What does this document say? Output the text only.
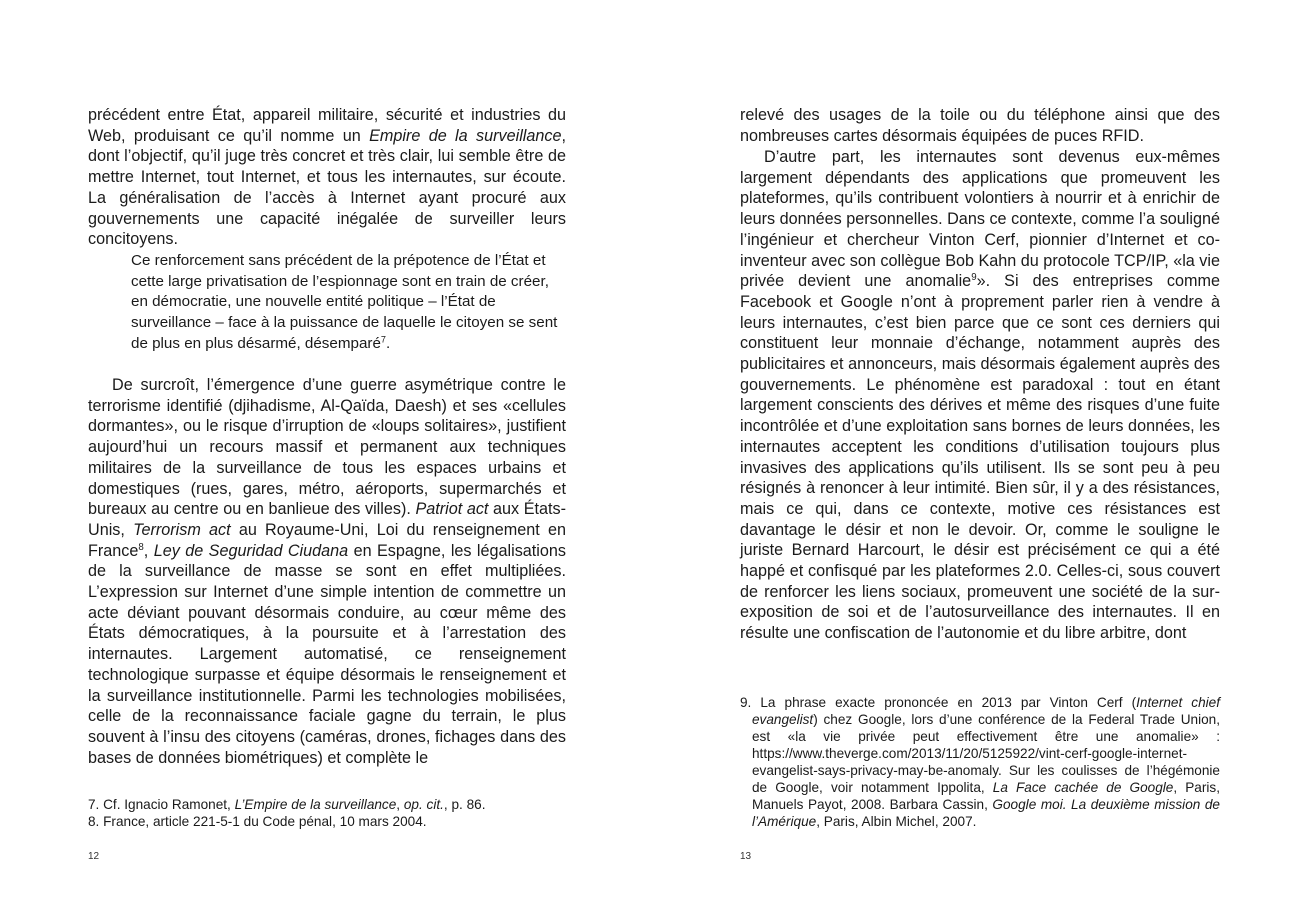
précédent entre État, appareil militaire, sécurité et industries du Web, produisant ce qu’il nomme un Empire de la surveillance, dont l’objectif, qu’il juge très concret et très clair, lui semble être de mettre Internet, tout Internet, et tous les internautes, sur écoute. La généralisation de l’accès à Internet ayant procuré aux gouvernements une capacité inégalée de surveiller leurs concitoyens.

Ce renforcement sans précédent de la prépotence de l’État et cette large privatisation de l’espionnage sont en train de créer, en démocratie, une nouvelle entité politique – l’État de surveillance – face à la puissance de laquelle le citoyen se sent de plus en plus désarmé, désemparé$^7$.

De surcroît, l’émergence d’une guerre asymétrique contre le terrorisme identifié (djihadisme, Al-Qaïda, Daesh) et ses «cellules dormantes», ou le risque d’irruption de «loups solitaires», justifient aujourd’hui un recours massif et permanent aux techniques militaires de la surveillance de tous les espaces urbains et domestiques (rues, gares, métro, aéroports, supermarchés et bureaux au centre ou en banlieue des villes). Patriot act aux États-Unis, Terrorism act au Royaume-Uni, Loi du renseignement en France$^8$, Ley de Seguridad Ciudana en Espagne, les légalisations de la surveillance de masse se sont en effet multipliées. L’expression sur Internet d’une simple intention de commettre un acte déviant pouvant désormais conduire, au cœur même des États démocratiques, à la poursuite et à l’arrestation des internautes. Largement automatisé, ce renseignement technologique surpasse et équipe désormais le renseignement et la surveillance institutionnelle. Parmi les technologies mobilisées, celle de la reconnaissance faciale gagne du terrain, le plus souvent à l’insu des citoyens (caméras, drones, fichages dans des bases de données biométriques) et complète le

7. Cf. Ignacio Ramonet, L’Empire de la surveillance, op. cit., p. 86.

8. France, article 221-5-1 du Code pénal, 10 mars 2004.

12

relevé des usages de la toile ou du téléphone ainsi que des nombreuses cartes désormais équipées de puces RFID.

D’autre part, les internautes sont devenus eux-mêmes largement dépendants des applications que promeuvent les plateformes, qu’ils contribuent volontiers à nourrir et à enrichir de leurs données personnelles. Dans ce contexte, comme l’a souligné l’ingénieur et chercheur Vinton Cerf, pionnier d’Internet et co-inventeur avec son collègue Bob Kahn du protocole TCP/IP, «la vie privée devient une anomalie$^9$». Si des entreprises comme Facebook et Google n’ont à proprement parler rien à vendre à leurs internautes, c’est bien parce que ce sont ces derniers qui constituent leur monnaie d’échange, notamment auprès des publicitaires et annonceurs, mais désormais également auprès des gouvernements. Le phénomène est paradoxal : tout en étant largement conscients des dérives et même des risques d’une fuite incontrôlée et d’une exploitation sans bornes de leurs données, les internautes acceptent les conditions d’utilisation toujours plus invasives des applications qu’ils utilisent. Ils se sont peu à peu résignés à renoncer à leur intimité. Bien sûr, il y a des résistances, mais ce qui, dans ce contexte, motive ces résistances est davantage le désir et non le devoir. Or, comme le souligne le juriste Bernard Harcourt, le désir est précisément ce qui a été happé et confisqué par les plateformes 2.0. Celles-ci, sous couvert de renforcer les liens sociaux, promeuvent une société de la sur-exposition de soi et de l’autosurveillance des internautes. Il en résulte une confiscation de l’autonomie et du libre arbitre, dont

9. La phrase exacte prononcée en 2013 par Vinton Cerf (Internet chief evangelist) chez Google, lors d’une conférence de la Federal Trade Union, est «la vie privée peut effectivement être une anomalie» : https://www.theverge.com/2013/11/20/5125922/vint-cerf-google-internet-evangelist-says-privacy-may-be-anomaly. Sur les coulisses de l’hégémonie de Google, voir notamment Ippolita, La Face cachée de Google, Paris, Manuels Payot, 2008. Barbara Cassin, Google moi. La deuxième mission de l’Amérique, Paris, Albin Michel, 2007.

13
